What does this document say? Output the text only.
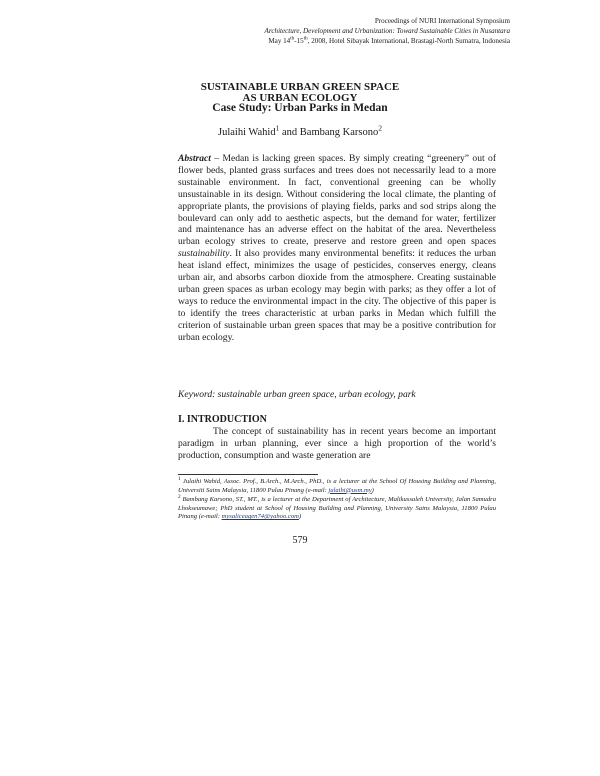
Proceedings of NURI International Symposium
Architecture, Development and Urbanization: Toward Sustainable Cities in Nusantara
May 14th-15th, 2008, Hotel Sibayak International, Brastagi-North Sumatra, Indonesia
SUSTAINABLE URBAN GREEN SPACE
AS URBAN ECOLOGY
Case Study: Urban Parks in Medan
Julaihi Wahid$^1$ and Bambang Karsono$^2$

Abstract – Medan is lacking green spaces. By simply creating “greenery” out of flower beds, planted grass surfaces and trees does not necessarily lead to a more sustainable environment. In fact, conventional greening can be wholly unsustainable in its design. Without considering the local climate, the planting of appropriate plants, the provisions of playing fields, parks and sod strips along the boulevard can only add to aesthetic aspects, but the demand for water, fertilizer and maintenance has an adverse effect on the habitat of the area. Nevertheless urban ecology strives to create, preserve and restore green and open spaces sustainability. It also provides many environmental benefits: it reduces the urban heat island effect, minimizes the usage of pesticides, conserves energy, cleans urban air, and absorbs carbon dioxide from the atmosphere. Creating sustainable urban green spaces as urban ecology may begin with parks; as they offer a lot of ways to reduce the environmental impact in the city. The objective of this paper is to identify the trees characteristic at urban parks in Medan which fulfill the criterion of sustainable urban green spaces that may be a positive contribution for urban ecology.

Keyword: sustainable urban green space, urban ecology, park

I. INTRODUCTION

The concept of sustainability has in recent years become an important paradigm in urban planning, ever since a high proportion of the world’s production, consumption and waste generation are

$^1$ Julaihi Wahid, Assoc. Prof., B.Arch., M.Arch., PhD., is a lecturer at the School Of Housing Building and Planning, Universiti Sains Malaysia, 11800 Pulau Pinang (e-mail: julaihi@usm.my)

$^2$ Bambang Karsono, ST., MT., is a lecturer at the Department of Architecture, Malikussaleh University, Jalan Samudra Lhokseumawe; PhD student at School of Housing Building and Planning, University Sains Malaysia, 11800 Pulau Pinang (e-mail: mysaliceagen74@yahoo.com)

579
